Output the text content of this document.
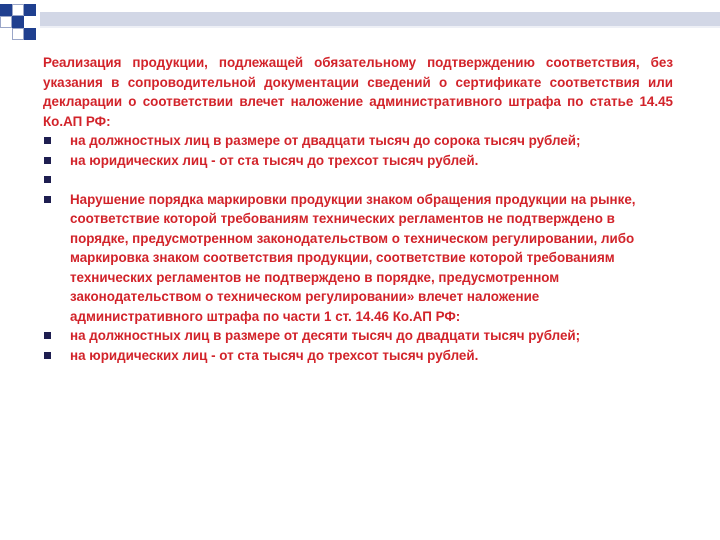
Реализация продукции, подлежащей обязательному подтверждению соответствия, без указания в сопроводительной документации сведений о сертификате соответствия или декларации о соответствии влечет наложение административного штрафа по статье 14.45 Ко.АП РФ:

на должностных лиц в размере от двадцати тысяч до сорока тысяч рублей;
на юридических лиц - от ста тысяч до трехсот тысяч рублей.
Нарушение порядка маркировки продукции знаком обращения продукции на рынке, соответствие которой требованиям технических регламентов не подтверждено в порядке, предусмотренном законодательством о техническом регулировании, либо маркировка знаком соответствия продукции, соответствие которой требованиям технических регламентов не подтверждено в порядке, предусмотренном законодательством о техническом регулировании» влечет наложение административного штрафа по части 1 ст. 14.46 Ко.АП РФ:
на должностных лиц в размере от десяти тысяч до двадцати тысяч рублей;
на юридических лиц - от ста тысяч до трехсот тысяч рублей.
